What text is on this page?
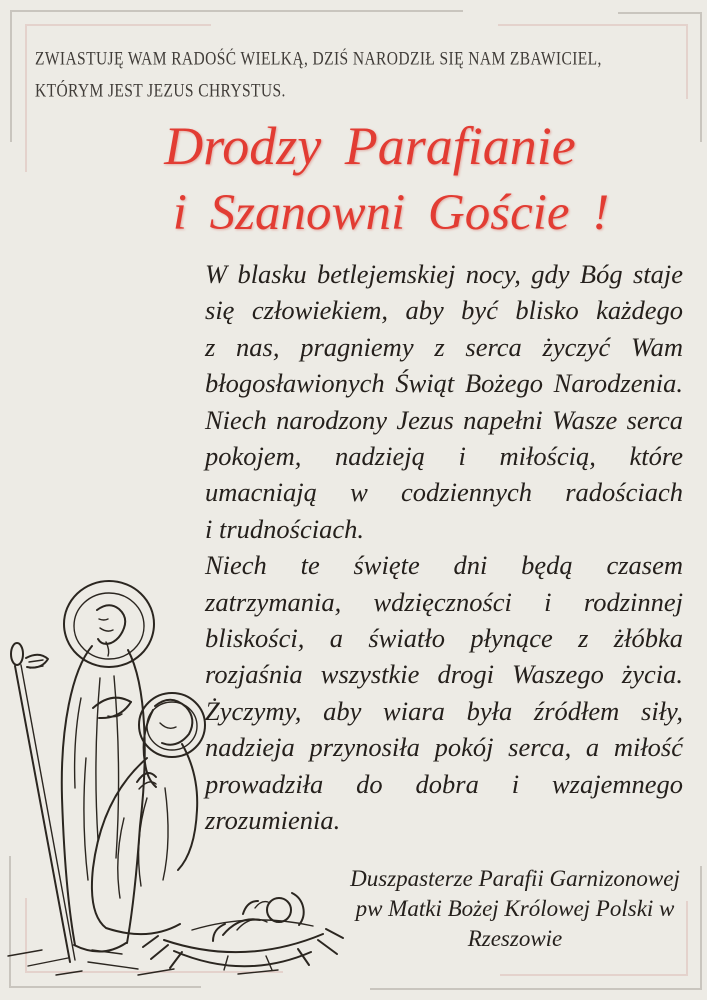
ZWIASTUJĘ WAM RADOŚĆ WIELKĄ, DZIŚ NARODZIŁ SIĘ NAM ZBAWICIEL,
KTÓRYM JEST JEZUS CHRYSTUS.
Drodzy Parafianie
i Szanowni Goście !
W blasku betlejemskiej nocy, gdy Bóg staje
się człowiekiem, aby być blisko każdego
z nas, pragniemy z serca życzyć Wam
błogosławionych Świąt Bożego Narodzenia.
Niech narodzony Jezus napełni Wasze serca
pokojem, nadzieją i miłością, które
umacniają w codziennych radościach
i trudnościach.
Niech te święte dni będą czasem
zatrzymania, wdzięczności i rodzinnej
bliskości, a światło płynące z żłóbka
rozjaśnia wszystkie drogi Waszego życia.
Życzymy, aby wiara była źródłem siły,
nadzieja przynosiła pokój serca, a miłość
prowadziła do dobra i wzajemnego
zrozumienia.
Duszpasterze Parafii Garnizonowej
pw Matki Bożej Królowej Polski w Rzeszowie
